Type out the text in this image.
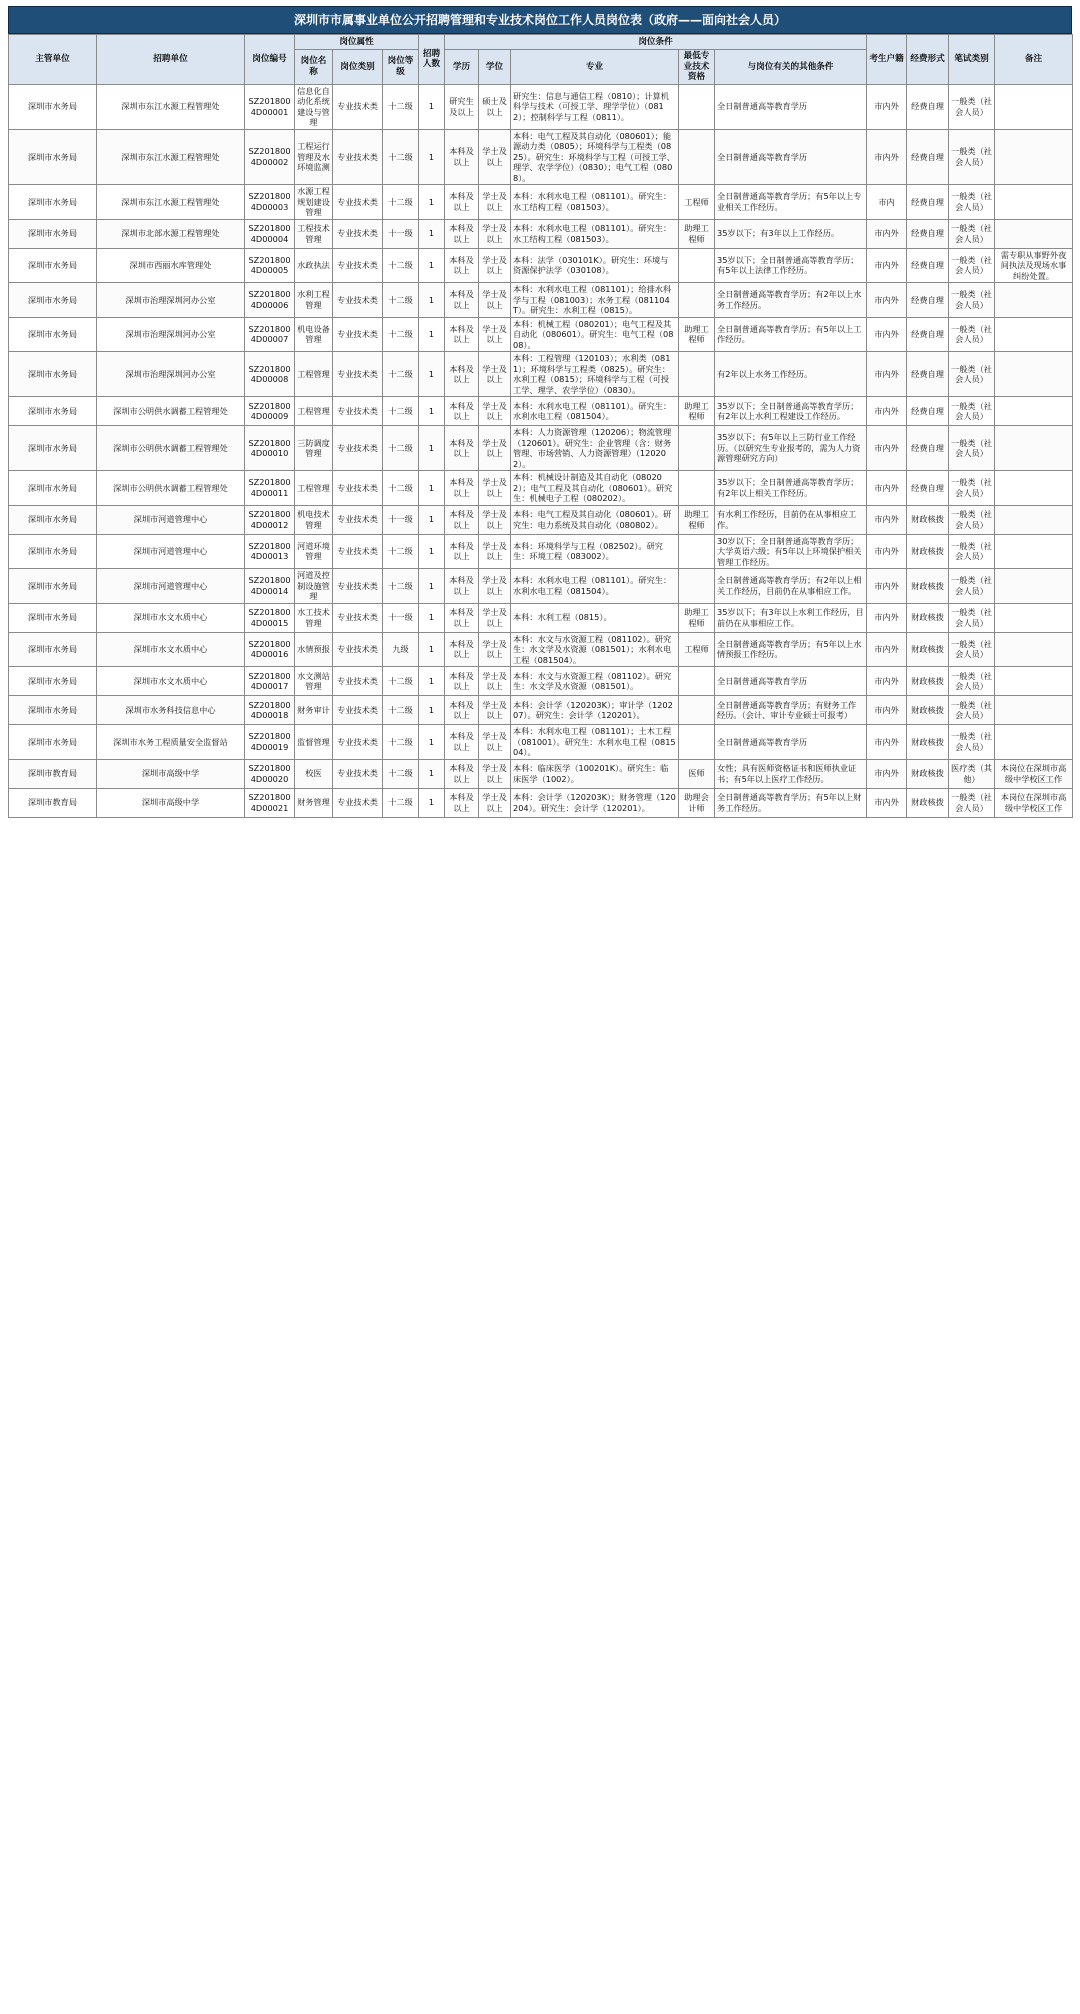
深圳市市属事业单位公开招聘管理和专业技术岗位工作人员岗位表（政府——面向社会人员）
主管单位	招聘单位	岗位编号	岗位属性			招聘人数	岗位条件					考生户籍	经费形式	笔试类别	备注
			岗位名称	岗位类别	岗位等级		学历	学位	专业	最低专业技术资格	与岗位有关的其他条件				
深圳市水务局	深圳市东江水源工程管理处	SZ2018004D00001	信息化自动化系统建设与管理	专业技术类	十二级	1	研究生及以上	硕士及以上	研究生：信息与通信工程（0810）；计算机科学与技术（可授工学、理学学位）（0812）；控制科学与工程（0811）。		全日制普通高等教育学历	市内外	经费自理	一般类（社会人员）	
深圳市水务局	深圳市东江水源工程管理处	SZ2018004D00002	工程运行管理及水环境监测	专业技术类	十二级	1	本科及以上	学士及以上	本科：电气工程及其自动化（080601）；能源动力类（0805）；环境科学与工程类（0825）。研究生：环境科学与工程（可授工学、理学、农学学位）（0830）；电气工程（0808）。		全日制普通高等教育学历	市内外	经费自理	一般类（社会人员）	
深圳市水务局	深圳市东江水源工程管理处	SZ2018004D00003	水源工程规划建设管理	专业技术类	十二级	1	本科及以上	学士及以上	本科：水利水电工程（081101）。研究生：水工结构工程（081503）。	工程师	全日制普通高等教育学历；有5年以上专业相关工作经历。	市内	经费自理	一般类（社会人员）	
深圳市水务局	深圳市北部水源工程管理处	SZ2018004D00004	工程技术管理	专业技术类	十一级	1	本科及以上	学士及以上	本科：水利水电工程（081101）。研究生：水工结构工程（081503）。	助理工程师	35岁以下；有3年以上工作经历。	市内外	经费自理	一般类（社会人员）	
深圳市水务局	深圳市西丽水库管理处	SZ2018004D00005	水政执法	专业技术类	十二级	1	本科及以上	学士及以上	本科：法学（030101K）。研究生：环境与资源保护法学（030108）。		35岁以下；全日制普通高等教育学历；有5年以上法律工作经历。	市内外	经费自理	一般类（社会人员）	需专职从事野外夜间执法及现场水事纠纷处置。
深圳市水务局	深圳市治理深圳河办公室	SZ2018004D00006	水利工程管理	专业技术类	十二级	1	本科及以上	学士及以上	本科：水利水电工程（081101）；给排水科学与工程（081003）；水务工程（081104T）。研究生：水利工程（0815）。		全日制普通高等教育学历；有2年以上水务工作经历。	市内外	经费自理	一般类（社会人员）	
深圳市水务局	深圳市治理深圳河办公室	SZ2018004D00007	机电设备管理	专业技术类	十二级	1	本科及以上	学士及以上	本科：机械工程（080201）；电气工程及其自动化（080601）。研究生：电气工程（0808）。	助理工程师	全日制普通高等教育学历；有5年以上工作经历。	市内外	经费自理	一般类（社会人员）	
深圳市水务局	深圳市治理深圳河办公室	SZ2018004D00008	工程管理	专业技术类	十二级	1	本科及以上	学士及以上	本科：工程管理（120103）；水利类（0811）；环境科学与工程类（0825）。研究生：水利工程（0815）；环境科学与工程（可授工学、理学、农学学位）（0830）。		有2年以上水务工作经历。	市内外	经费自理	一般类（社会人员）	
深圳市水务局	深圳市公明供水调蓄工程管理处	SZ2018004D00009	工程管理	专业技术类	十二级	1	本科及以上	学士及以上	本科：水利水电工程（081101）。研究生：水利水电工程（081504）。	助理工程师	35岁以下；全日制普通高等教育学历；有2年以上水利工程建设工作经历。	市内外	经费自理	一般类（社会人员）	
深圳市水务局	深圳市公明供水调蓄工程管理处	SZ2018004D00010	三防调度管理	专业技术类	十二级	1	本科及以上	学士及以上	本科：人力资源管理（120206）；物流管理（120601）。研究生：企业管理（含：财务管理、市场营销、人力资源管理）（120202）。		35岁以下；有5年以上三防行业工作经历。（以研究生专业报考的，需为人力资源管理研究方向）	市内外	经费自理	一般类（社会人员）	
深圳市水务局	深圳市公明供水调蓄工程管理处	SZ2018004D00011	工程管理	专业技术类	十二级	1	本科及以上	学士及以上	本科：机械设计制造及其自动化（080202）；电气工程及其自动化（080601）。研究生：机械电子工程（080202）。		35岁以下；全日制普通高等教育学历；有2年以上相关工作经历。	市内外	经费自理	一般类（社会人员）	
深圳市水务局	深圳市河道管理中心	SZ2018004D00012	机电技术管理	专业技术类	十一级	1	本科及以上	学士及以上	本科：电气工程及其自动化（080601）。研究生：电力系统及其自动化（080802）。	助理工程师	有水利工作经历，目前仍在从事相应工作。	市内外	财政核拨	一般类（社会人员）	
深圳市水务局	深圳市河道管理中心	SZ2018004D00013	河道环境管理	专业技术类	十二级	1	本科及以上	学士及以上	本科：环境科学与工程（082502）。研究生：环境工程（083002）。		30岁以下；全日制普通高等教育学历；大学英语六级；有5年以上环境保护相关管理工作经历。	市内外	财政核拨	一般类（社会人员）	
深圳市水务局	深圳市河道管理中心	SZ2018004D00014	河道及控制设施管理	专业技术类	十二级	1	本科及以上	学士及以上	本科：水利水电工程（081101）。研究生：水利水电工程（081504）。		全日制普通高等教育学历；有2年以上相关工作经历，目前仍在从事相应工作。	市内外	财政核拨	一般类（社会人员）	
深圳市水务局	深圳市水文水质中心	SZ2018004D00015	水工技术管理	专业技术类	十一级	1	本科及以上	学士及以上	本科：水利工程（0815）。	助理工程师	35岁以下；有3年以上水利工作经历，目前仍在从事相应工作。	市内外	财政核拨	一般类（社会人员）	
深圳市水务局	深圳市水文水质中心	SZ2018004D00016	水情预报	专业技术类	九级	1	本科及以上	学士及以上	本科：水文与水资源工程（081102）。研究生：水文学及水资源（081501）；水利水电工程（081504）。	工程师	全日制普通高等教育学历；有5年以上水情预报工作经历。	市内外	财政核拨	一般类（社会人员）	
深圳市水务局	深圳市水文水质中心	SZ2018004D00017	水文测站管理	专业技术类	十二级	1	本科及以上	学士及以上	本科：水文与水资源工程（081102）。研究生：水文学及水资源（081501）。		全日制普通高等教育学历	市内外	财政核拨	一般类（社会人员）	
深圳市水务局	深圳市水务科技信息中心	SZ2018004D00018	财务审计	专业技术类	十二级	1	本科及以上	学士及以上	本科：会计学（120203K）；审计学（120207）。研究生：会计学（120201）。		全日制普通高等教育学历；有财务工作经历。（会计、审计专业硕士可报考）	市内外	财政核拨	一般类（社会人员）	
深圳市水务局	深圳市水务工程质量安全监督站	SZ2018004D00019	监督管理	专业技术类	十二级	1	本科及以上	学士及以上	本科：水利水电工程（081101）；土木工程（081001）。研究生：水利水电工程（081504）。		全日制普通高等教育学历	市内外	财政核拨	一般类（社会人员）	
深圳市教育局	深圳市高级中学	SZ2018004D00020	校医	专业技术类	十二级	1	本科及以上	学士及以上	本科：临床医学（100201K）。研究生：临床医学（1002）。	医师	女性；具有医师资格证书和医师执业证书；有5年以上医疗工作经历。	市内外	财政核拨	医疗类（其他）	本岗位在深圳市高级中学校区工作
深圳市教育局	深圳市高级中学	SZ2018004D00021	财务管理	专业技术类	十二级	1	本科及以上	学士及以上	本科：会计学（120203K）；财务管理（120204）。研究生：会计学（120201）。	助理会计师	全日制普通高等教育学历；有5年以上财务工作经历。	市内外	财政核拨	一般类（社会人员）	本岗位在深圳市高级中学校区工作
